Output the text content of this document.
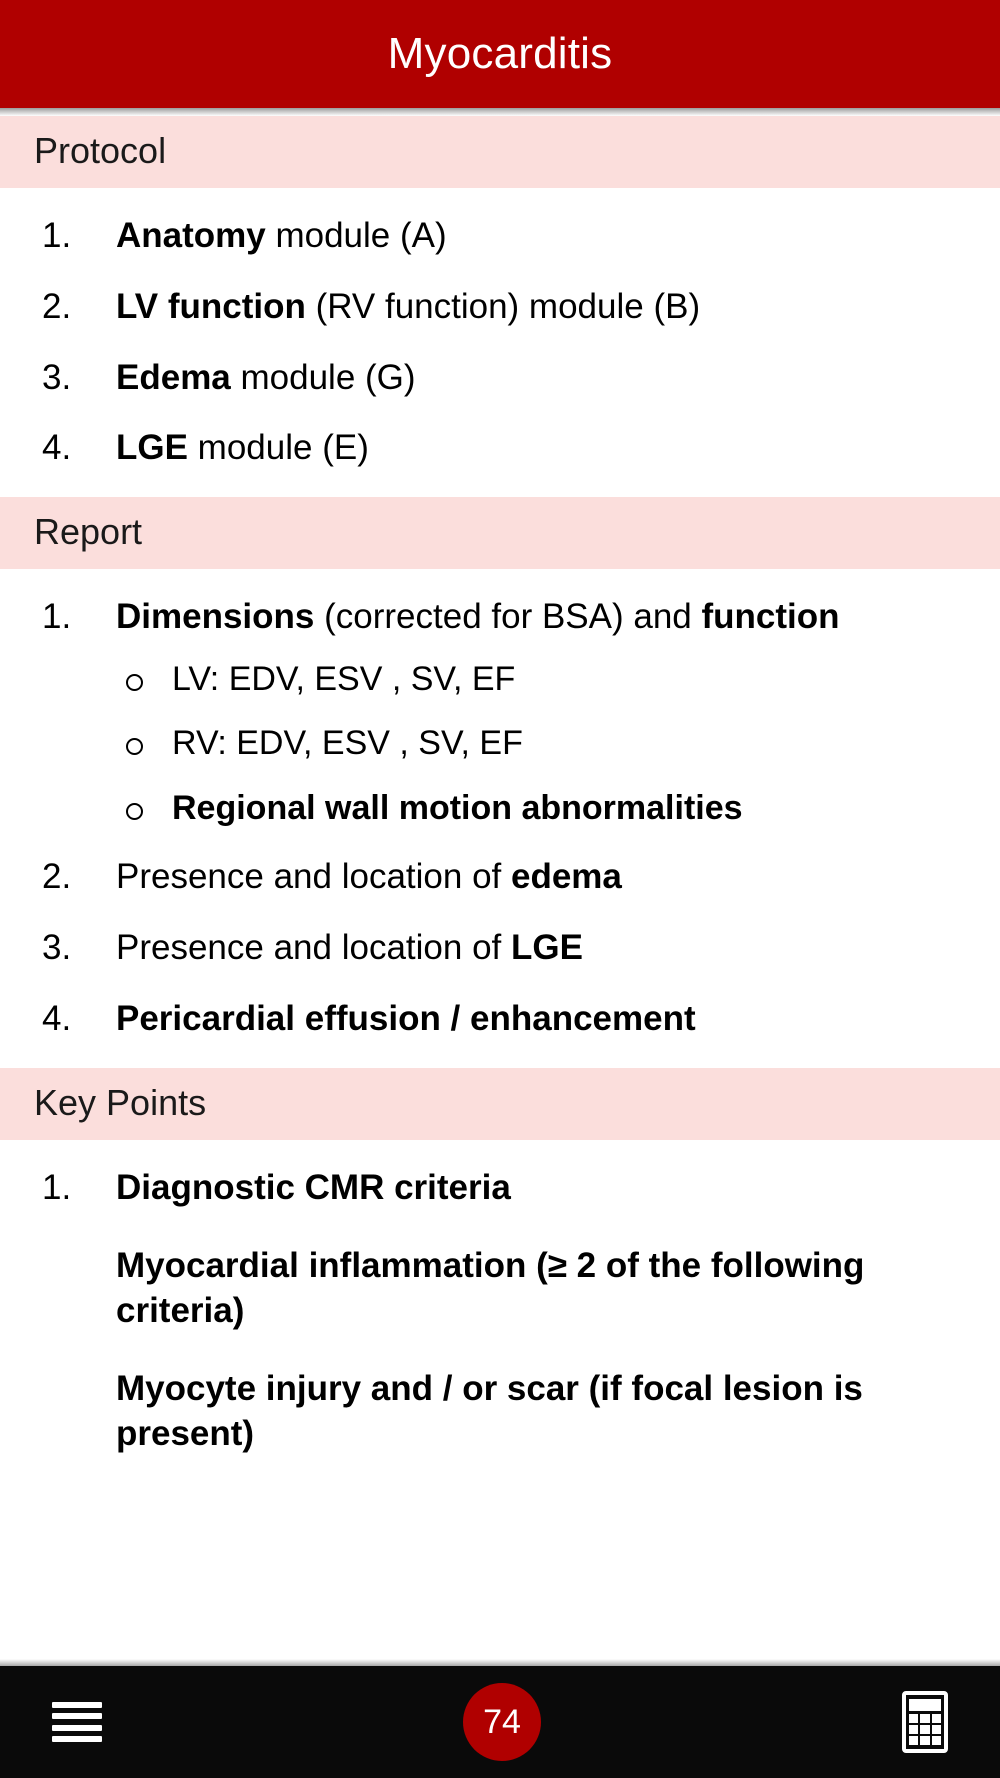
Myocarditis
Protocol
Anatomy module (A)
LV function (RV function) module (B)
Edema module (G)
LGE module (E)
Report
Dimensions (corrected for BSA) and function
LV: EDV, ESV , SV, EF
RV: EDV, ESV , SV, EF
Regional wall motion abnormalities
Presence and location of edema
Presence and location of LGE
Pericardial effusion / enhancement
Key Points
Diagnostic CMR criteria
Myocardial inflammation (≥ 2 of the following criteria)
Myocyte injury and / or scar (if focal lesion is present)
74
